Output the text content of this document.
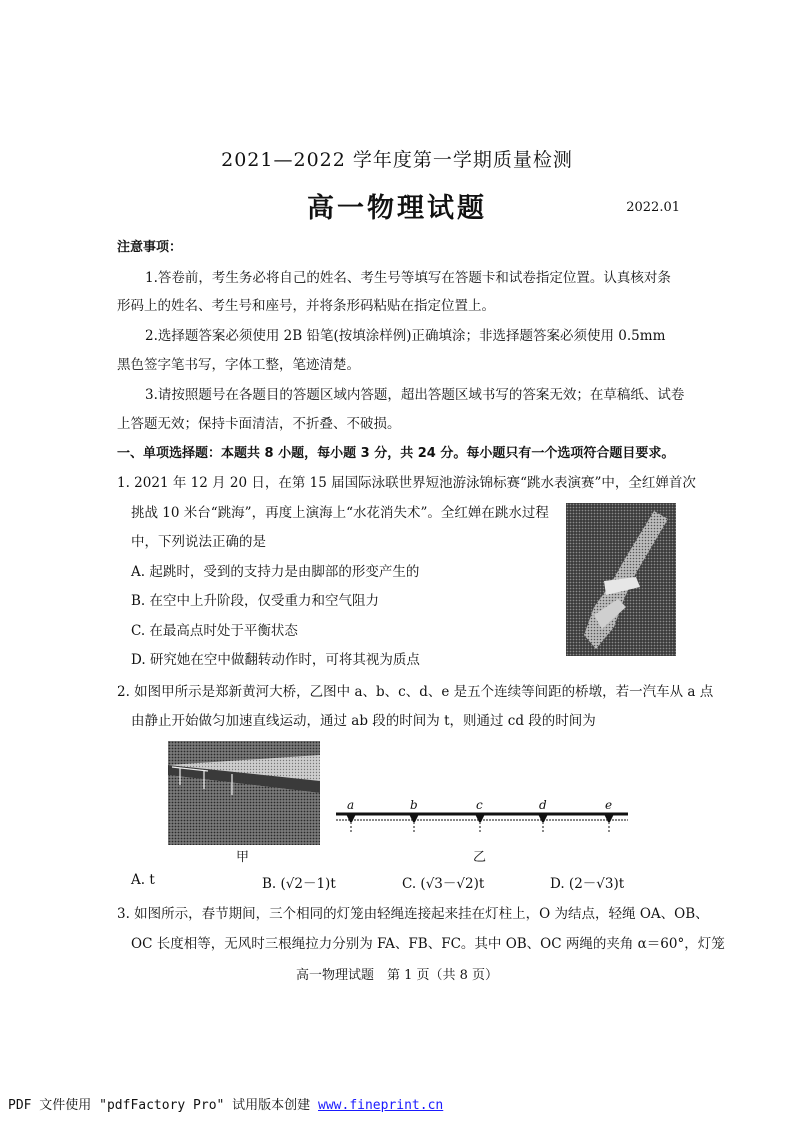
2021—2022 学年度第一学期质量检测
高一物理试题	2022.01
注意事项：
1.答卷前，考生务必将自己的姓名、考生号等填写在答题卡和试卷指定位置。认真核对条
形码上的姓名、考生号和座号，并将条形码粘贴在指定位置上。
2.选择题答案必须使用 2B 铅笔(按填涂样例)正确填涂；非选择题答案必须使用 0.5mm
黑色签字笔书写，字体工整，笔迹清楚。
3.请按照题号在各题目的答题区域内答题，超出答题区域书写的答案无效；在草稿纸、试卷
上答题无效；保持卡面清洁，不折叠、不破损。
一、单项选择题：本题共 8 小题，每小题 3 分，共 24 分。每小题只有一个选项符合题目要求。
1. 2021 年 12 月 20 日，在第 15 届国际泳联世界短池游泳锦标赛“跳水表演赛”中，全红婵首次
挑战 10 米台“跳海”，再度上演海上“水花消失术”。全红婵在跳水过程
中，下列说法正确的是
A. 起跳时，受到的支持力是由脚部的形变产生的
B. 在空中上升阶段，仅受重力和空气阻力
C. 在最高点时处于平衡状态
D. 研究她在空中做翻转动作时，可将其视为质点
2. 如图甲所示是郑新黄河大桥，乙图中 a、b、c、d、e 是五个连续等间距的桥墩，若一汽车从 a 点
由静止开始做匀加速直线运动，通过 ab 段的时间为 t，则通过 cd 段的时间为
甲
a	b	c	d	e
乙
A. t	B. (√2－1)t	C. (√3－√2)t	D. (2－√3)t
3. 如图所示，春节期间，三个相同的灯笼由轻绳连接起来挂在灯柱上，O 为结点，轻绳 OA、OB、
OC 长度相等，无风时三根绳拉力分别为 FA、FB、FC。其中 OB、OC 两绳的夹角 α＝60°，灯笼
高一物理试题　第 1 页（共 8 页）
PDF 文件使用 "pdfFactory Pro" 试用版本创建 www.fineprint.cn
